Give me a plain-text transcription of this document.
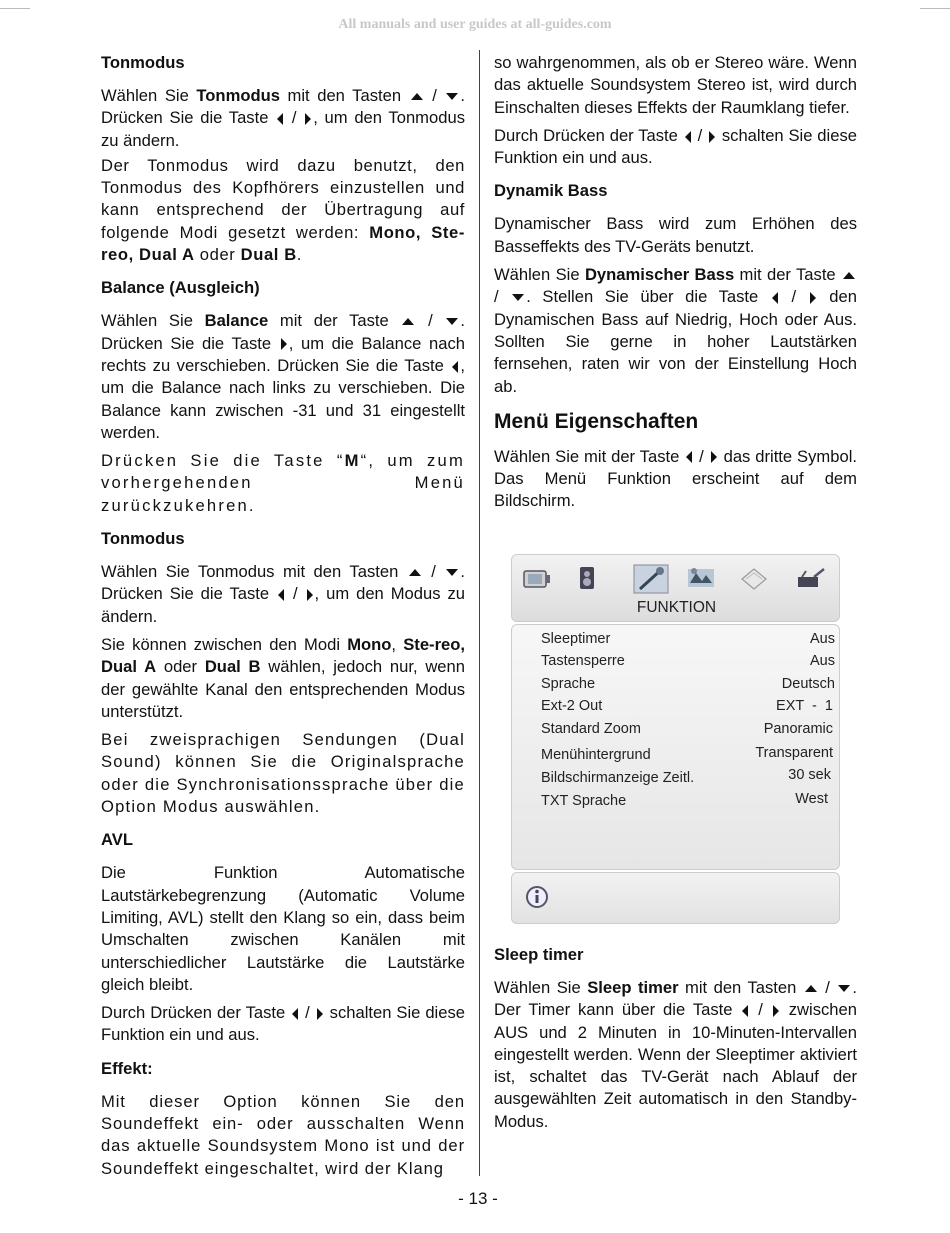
All manuals and user guides at all-guides.com
Tonmodus

Wählen Sie Tonmodus mit den Tasten  / . Drücken Sie die Taste  / , um den Tonmodus zu ändern.

Der Tonmodus wird dazu benutzt, den Tonmodus des Kopfhörers einzustellen und kann entsprechend der Übertragung auf folgende Modi gesetzt werden: Mono, Ste-reo, Dual A oder Dual B.

Balance (Ausgleich)

Wählen Sie Balance mit der Taste  / . Drücken Sie die Taste , um die Balance nach rechts zu verschieben. Drücken Sie die Taste , um die Balance nach links zu verschieben. Die Balance kann zwischen -31 und 31 eingestellt werden.

Drücken Sie die Taste “M“, um zum vorhergehenden Menü zurückzukehren.

Tonmodus

Wählen Sie Tonmodus mit den Tasten  / . Drücken Sie die Taste  / , um den Modus zu ändern.

Sie können zwischen den Modi Mono, Ste-reo, Dual A oder Dual B wählen, jedoch nur, wenn der gewählte Kanal den entsprechenden Modus unterstützt.

Bei zweisprachigen Sendungen (Dual Sound) können Sie die Originalsprache oder die Synchronisationssprache über die Option Modus auswählen.

AVL

Die Funktion Automatische Lautstärkebegrenzung (Automatic Volume Limiting, AVL) stellt den Klang so ein, dass beim Umschalten zwischen Kanälen mit unterschiedlicher Lautstärke die Lautstärke gleich bleibt.

Durch Drücken der Taste  /  schalten Sie diese Funktion ein und aus.

Effekt:

Mit dieser Option können Sie den Soundeffekt ein- oder ausschalten Wenn das aktuelle Soundsystem Mono ist und der Soundeffekt eingeschaltet, wird der Klang

so wahrgenommen, als ob er Stereo wäre. Wenn das aktuelle Soundsystem Stereo ist, wird durch Einschalten dieses Effekts der Raumklang tiefer.

Durch Drücken der Taste  /  schalten Sie diese Funktion ein und aus.

Dynamik Bass

Dynamischer Bass wird zum Erhöhen des Basseffekts des TV-Geräts benutzt.

Wählen Sie Dynamischer Bass mit der Taste  / . Stellen Sie über die Taste  /  den Dynamischen Bass auf Niedrig, Hoch oder Aus. Sollten Sie gerne in hoher Lautstärken fernsehen, raten wir von der Einstellung Hoch ab.

Menü Eigenschaften

Wählen Sie mit der Taste  /  das dritte Symbol. Das Menü Funktion erscheint auf dem Bildschirm.

Sleep timer

Wählen Sie Sleep timer mit den Tasten  / . Der Timer kann über die Taste  /  zwischen AUS und 2 Minuten in 10-Minuten-Intervallen eingestellt werden. Wenn der Sleeptimer aktiviert ist, schaltet das TV-Gerät nach Ablauf der ausgewählten Zeit automatisch in den Standby-Modus.

FUNKTION
Sleeptimer	Aus
Tastensperre	Aus
Sprache	Deutsch
Ext-2 Out	EXT  -  1
Standard Zoom	Panoramic
Menühintergrund	Transparent
Bildschirmanzeige Zeitl.	30 sek
TXT Sprache	West
- 13 -
